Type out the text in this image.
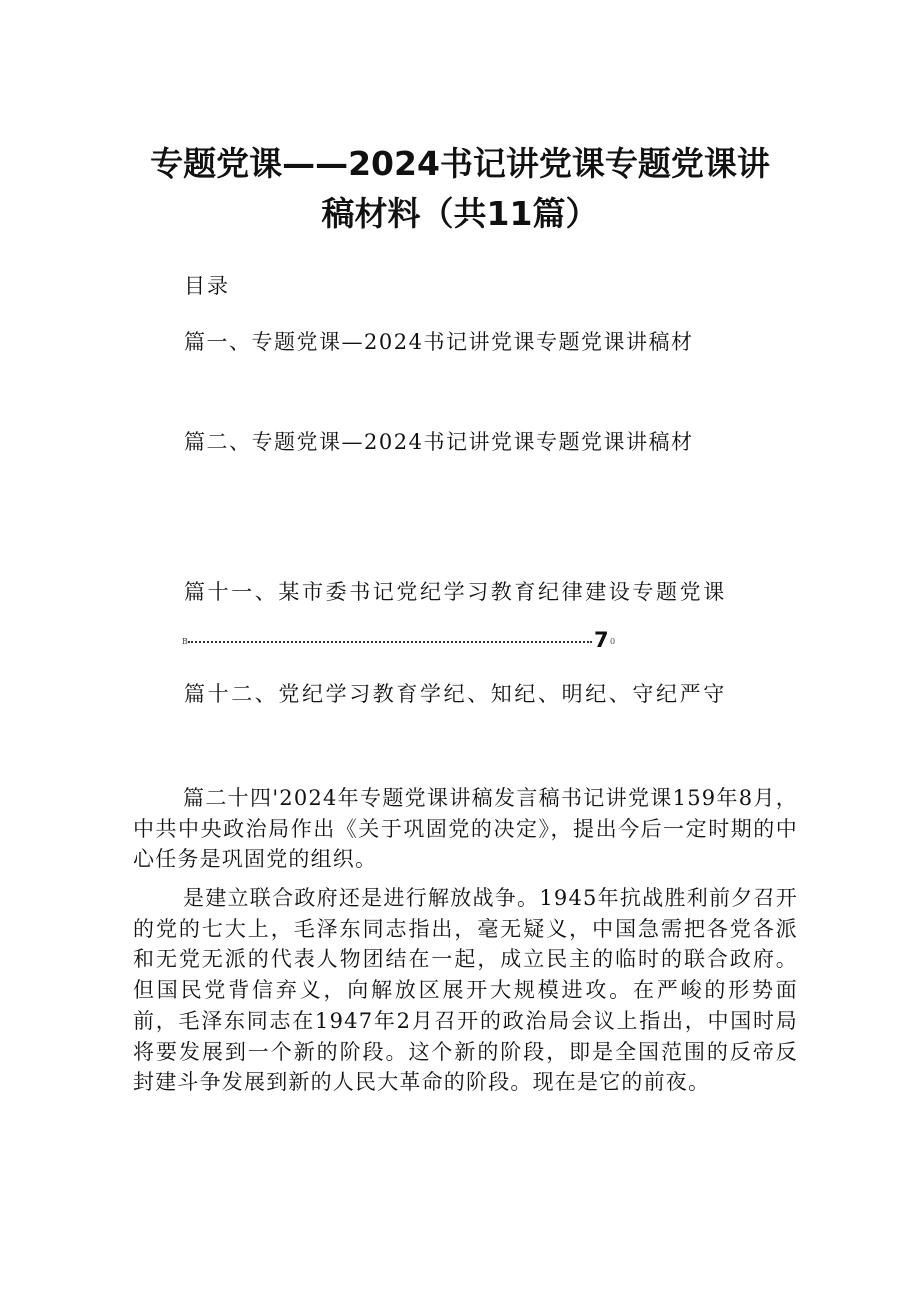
专题党课——2024书记讲党课专题党课讲
稿材料（共11篇）

目录

篇一、专题党课—2024书记讲党课专题党课讲稿材

篇二、专题党课—2024书记讲党课专题党课讲稿材

篇十一、某市委书记党纪学习教育纪律建设专题党课

B	7 0

篇十二、党纪学习教育学纪、知纪、明纪、守纪严守

篇二十四'2024年专题党课讲稿发言稿书记讲党课159年8月，中共中央政治局作出《关于巩固党的决定》，提出今后一定时期的中心任务是巩固党的组织。

是建立联合政府还是进行解放战争。1945年抗战胜利前夕召开的党的七大上，毛泽东同志指出，毫无疑义，中国急需把各党各派和无党无派的代表人物团结在一起，成立民主的临时的联合政府。但国民党背信弃义，向解放区展开大规模进攻。在严峻的形势面前，毛泽东同志在1947年2月召开的政治局会议上指出，中国时局将要发展到一个新的阶段。这个新的阶段，即是全国范围的反帝反封建斗争发展到新的人民大革命的阶段。现在是它的前夜。
